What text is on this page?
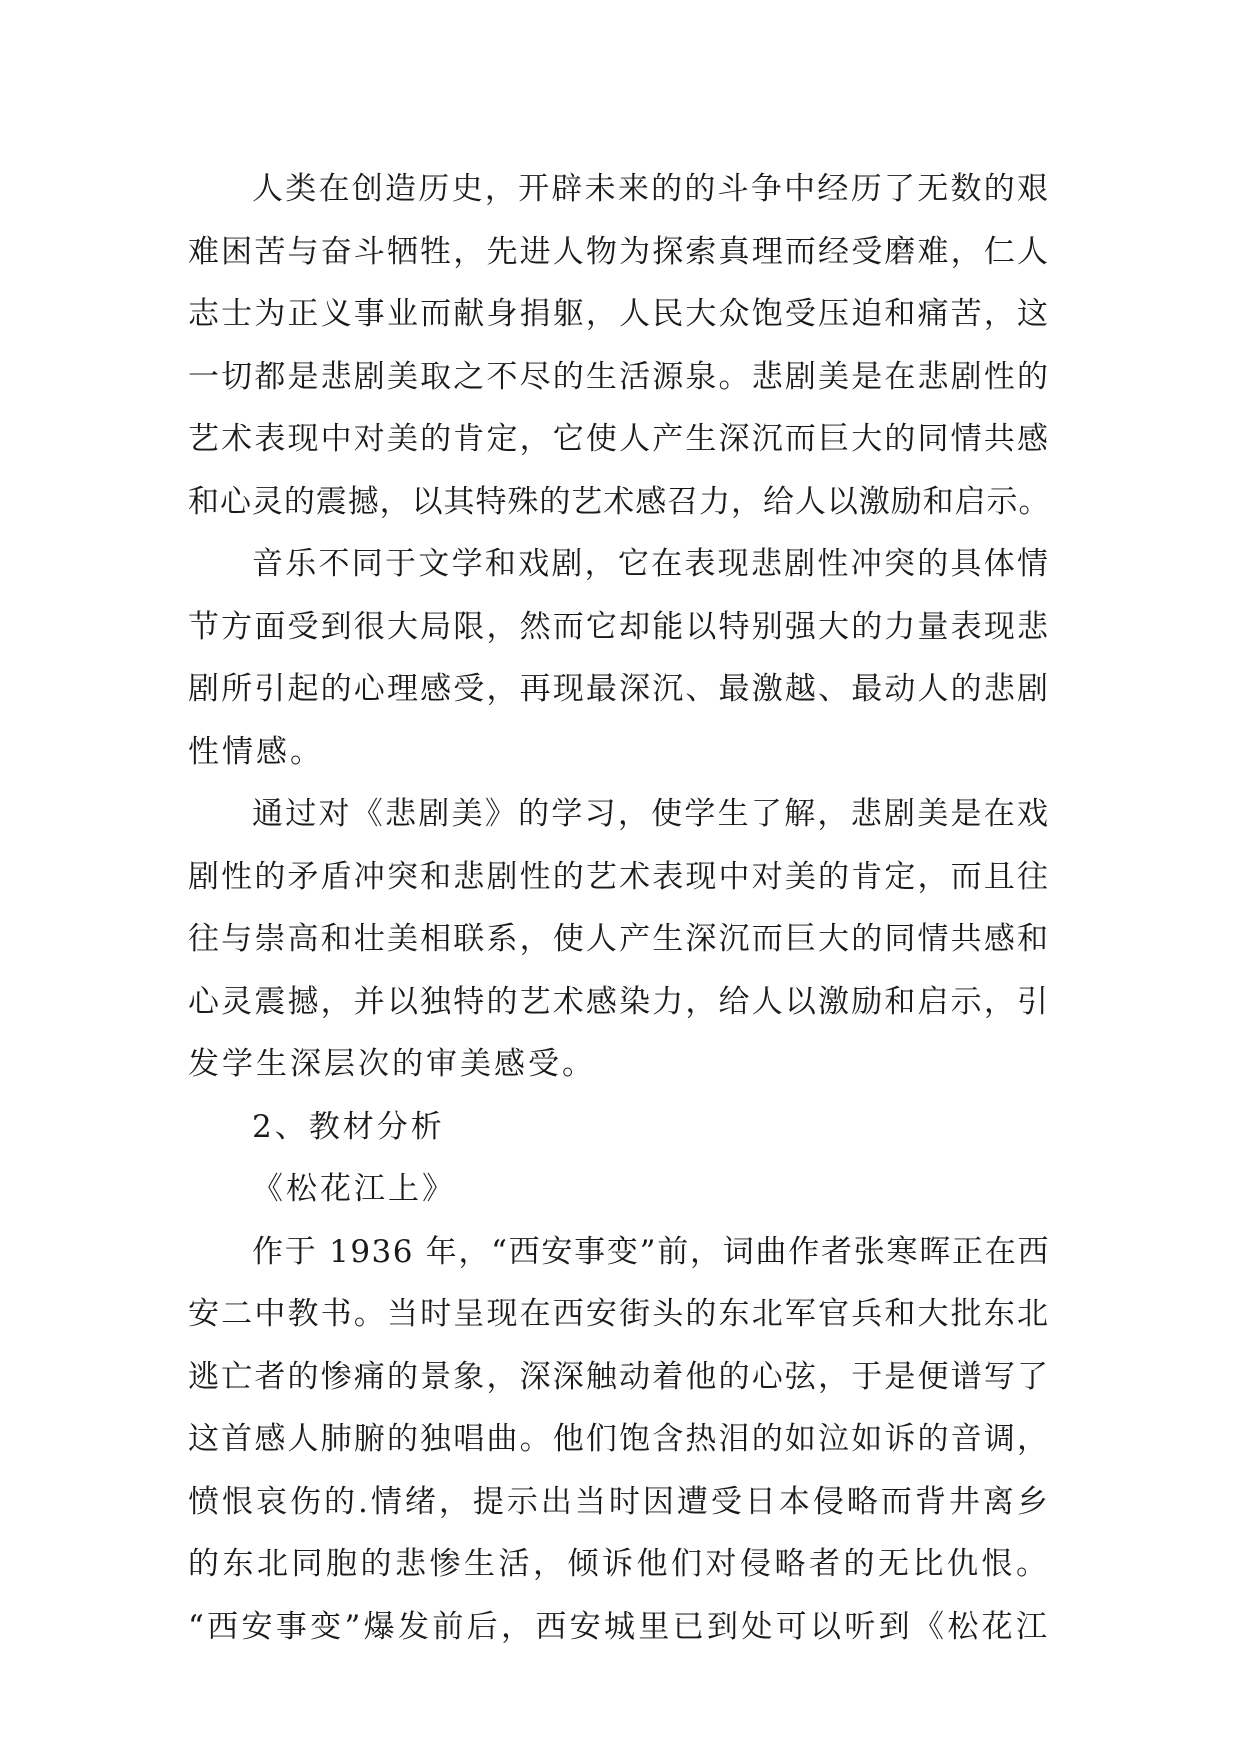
人类在创造历史，开辟未来的的斗争中经历了无数的艰
难困苦与奋斗牺牲，先进人物为探索真理而经受磨难，仁人
志士为正义事业而献身捐躯，人民大众饱受压迫和痛苦，这
一切都是悲剧美取之不尽的生活源泉。悲剧美是在悲剧性的
艺术表现中对美的肯定，它使人产生深沉而巨大的同情共感
和心灵的震撼，以其特殊的艺术感召力，给人以激励和启示。
音乐不同于文学和戏剧，它在表现悲剧性冲突的具体情
节方面受到很大局限，然而它却能以特别强大的力量表现悲
剧所引起的心理感受，再现最深沉、最激越、最动人的悲剧
性情感。
通过对《悲剧美》的学习，使学生了解，悲剧美是在戏
剧性的矛盾冲突和悲剧性的艺术表现中对美的肯定，而且往
往与崇高和壮美相联系，使人产生深沉而巨大的同情共感和
心灵震撼，并以独特的艺术感染力，给人以激励和启示，引
发学生深层次的审美感受。
2、教材分析
《松花江上》
作于 1936 年，“西安事变”前，词曲作者张寒晖正在西
安二中教书。当时呈现在西安街头的东北军官兵和大批东北
逃亡者的惨痛的景象，深深触动着他的心弦，于是便谱写了
这首感人肺腑的独唱曲。他们饱含热泪的如泣如诉的音调，
愤恨哀伤的.情绪，提示出当时因遭受日本侵略而背井离乡
的东北同胞的悲惨生活，倾诉他们对侵略者的无比仇恨。
“西安事变”爆发前后，西安城里已到处可以听到《松花江
